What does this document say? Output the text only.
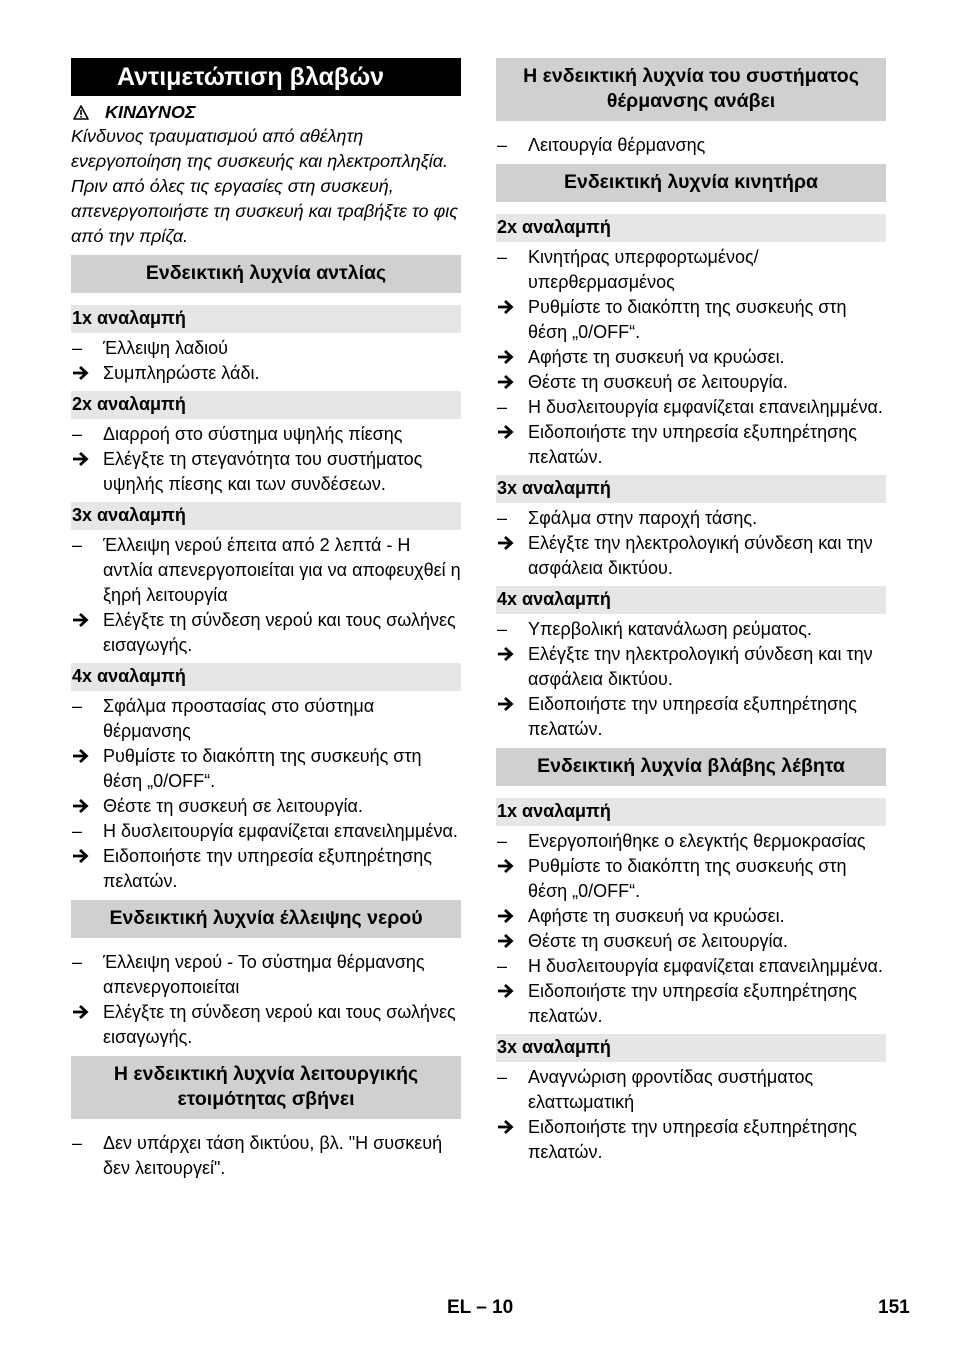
Αντιμετώπιση βλαβών
ΚΙΝΔΥΝΟΣ
Κίνδυνος τραυματισμού από αθέλητη ενεργοποίηση της συσκευής και ηλεκτροπληξία. Πριν από όλες τις εργασίες στη συσκευή, απενεργοποιήστε τη συσκευή και τραβήξτε το φις από την πρίζα.
Ενδεικτική λυχνία αντλίας
1x αναλαμπή
–
Έλλειψη λαδιού
Συμπληρώστε λάδι.
2x αναλαμπή
–
Διαρροή στο σύστημα υψηλής πίεσης
Ελέγξτε τη στεγανότητα του συστήματος υψηλής πίεσης και των συνδέσεων.
3x αναλαμπή
–
Έλλειψη νερού έπειτα από 2 λεπτά - Η αντλία απενεργοποιείται για να αποφευχθεί η ξηρή λειτουργία
Ελέγξτε τη σύνδεση νερού και τους σωλήνες εισαγωγής.
4x αναλαμπή
–
Σφάλμα προστασίας στο σύστημα θέρμανσης
Ρυθμίστε το διακόπτη της συσκευής στη θέση „0/OFF“.
Θέστε τη συσκευή σε λειτουργία.
–
Η δυσλειτουργία εμφανίζεται επανειλημμένα.
Ειδοποιήστε την υπηρεσία εξυπηρέτησης πελατών.
Ενδεικτική λυχνία έλλειψης νερού
–
Έλλειψη νερού - Το σύστημα θέρμανσης απενεργοποιείται
Ελέγξτε τη σύνδεση νερού και τους σωλήνες εισαγωγής.
Η ενδεικτική λυχνία λειτουργικής ετοιμότητας σβήνει
–
Δεν υπάρχει τάση δικτύου, βλ. "Η συσκευή δεν λειτουργεί".
Η ενδεικτική λυχνία του συστήματος θέρμανσης ανάβει
–
Λειτουργία θέρμανσης
Ενδεικτική λυχνία κινητήρα
2x αναλαμπή
–
Κινητήρας υπερφορτωμένος/υπερθερμασμένος
Ρυθμίστε το διακόπτη της συσκευής στη θέση „0/OFF“.
Αφήστε τη συσκευή να κρυώσει.
Θέστε τη συσκευή σε λειτουργία.
–
Η δυσλειτουργία εμφανίζεται επανειλημμένα.
Ειδοποιήστε την υπηρεσία εξυπηρέτησης πελατών.
3x αναλαμπή
–
Σφάλμα στην παροχή τάσης.
Ελέγξτε την ηλεκτρολογική σύνδεση και την ασφάλεια δικτύου.
4x αναλαμπή
–
Υπερβολική κατανάλωση ρεύματος.
Ελέγξτε την ηλεκτρολογική σύνδεση και την ασφάλεια δικτύου.
Ειδοποιήστε την υπηρεσία εξυπηρέτησης πελατών.
Ενδεικτική λυχνία βλάβης λέβητα
1x αναλαμπή
–
Ενεργοποιήθηκε ο ελεγκτής θερμοκρασίας
Ρυθμίστε το διακόπτη της συσκευής στη θέση „0/OFF“.
Αφήστε τη συσκευή να κρυώσει.
Θέστε τη συσκευή σε λειτουργία.
–
Η δυσλειτουργία εμφανίζεται επανειλημμένα.
Ειδοποιήστε την υπηρεσία εξυπηρέτησης πελατών.
3x αναλαμπή
–
Αναγνώριση φροντίδας συστήματος ελαττωματική
Ειδοποιήστε την υπηρεσία εξυπηρέτησης πελατών.
EL – 10	151
